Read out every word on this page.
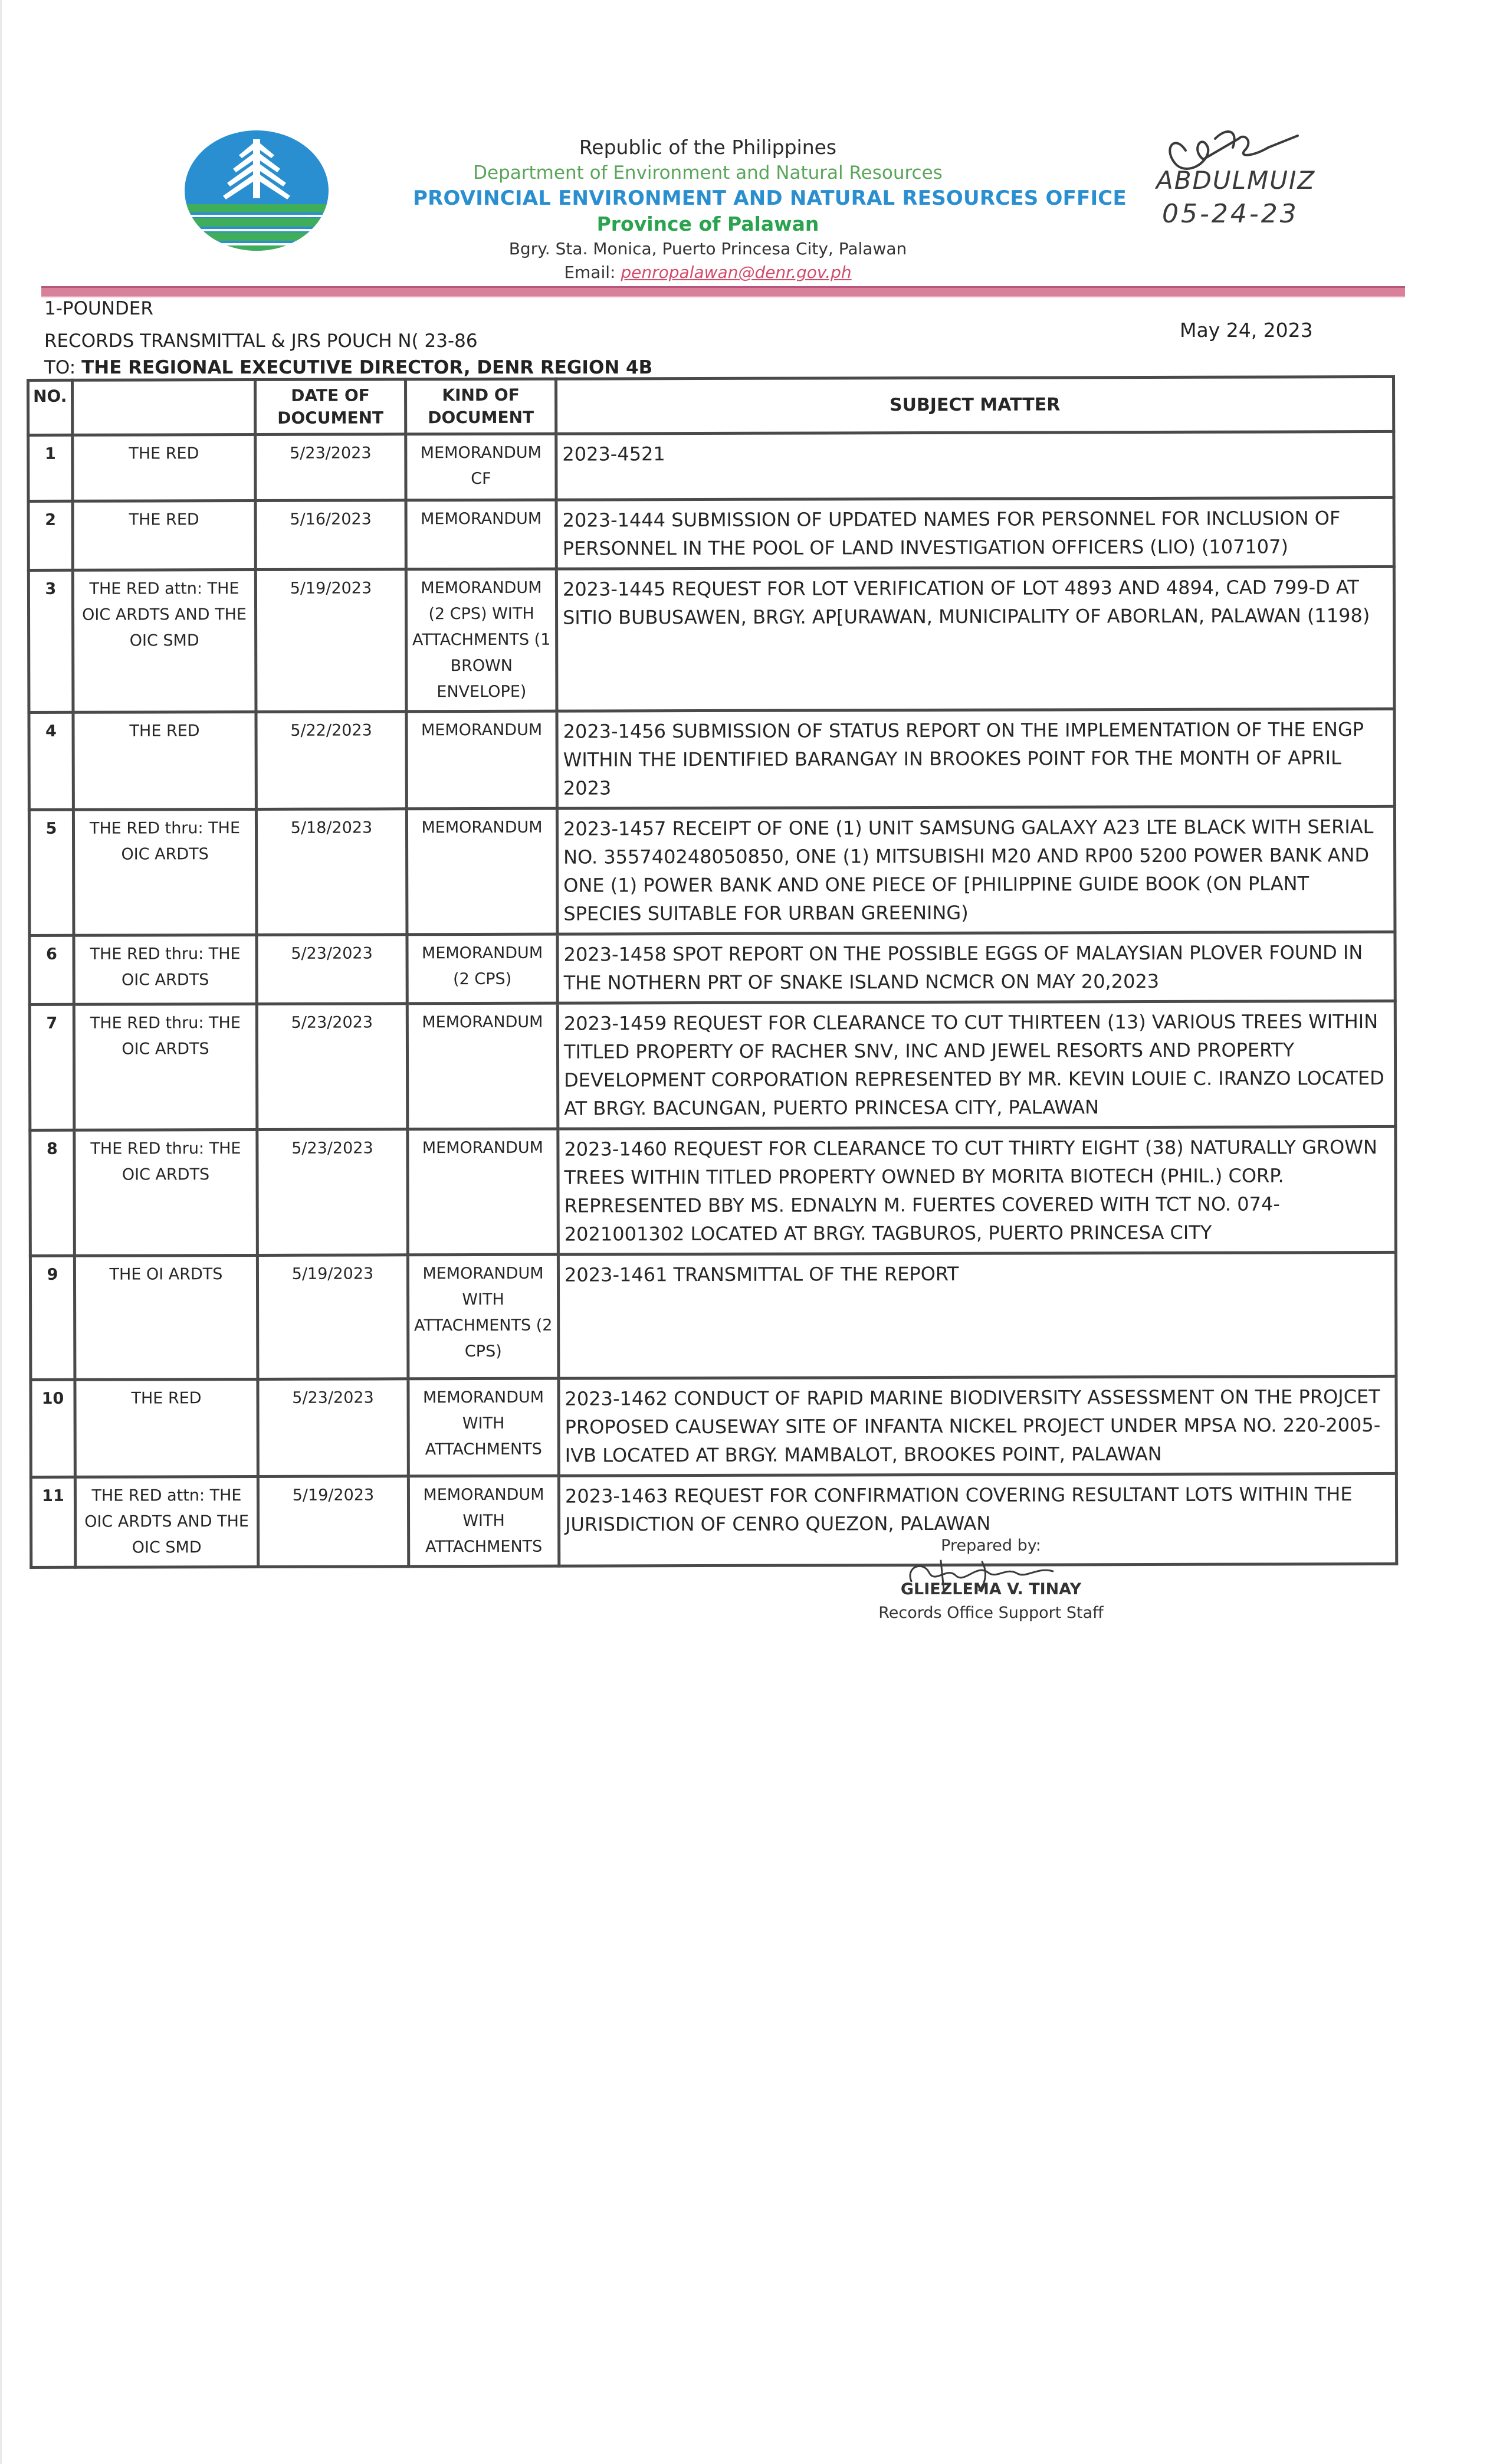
Republic of the Philippines
Department of Environment and Natural Resources
PROVINCIAL ENVIRONMENT AND NATURAL RESOURCES OFFICE
Province of Palawan
Bgry. Sta. Monica, Puerto Princesa City, Palawan
Email: penropalawan@denr.gov.ph
ABDULMUIZ
05-24-23
1-POUNDER
RECORDS TRANSMITTAL & JRS POUCH N( 23-86
TO: THE REGIONAL EXECUTIVE DIRECTOR, DENR REGION 4B
May 24, 2023
NO.		DATE OF DOCUMENT	KIND OF DOCUMENT	SUBJECT MATTER
1	THE RED	5/23/2023	MEMORANDUM CF	2023-4521
2	THE RED	5/16/2023	MEMORANDUM	2023-1444 SUBMISSION OF UPDATED NAMES FOR PERSONNEL FOR INCLUSION OF PERSONNEL IN THE POOL OF LAND INVESTIGATION OFFICERS (LIO) (107107)
3	THE RED attn: THE OIC ARDTS AND THE OIC SMD	5/19/2023	MEMORANDUM (2 CPS) WITH ATTACHMENTS (1 BROWN ENVELOPE)	2023-1445 REQUEST FOR LOT VERIFICATION OF LOT 4893 AND 4894, CAD 799-D AT SITIO BUBUSAWEN, BRGY. AP[URAWAN, MUNICIPALITY OF ABORLAN, PALAWAN (1198)
4	THE RED	5/22/2023	MEMORANDUM	2023-1456 SUBMISSION OF STATUS REPORT ON THE IMPLEMENTATION OF THE ENGP WITHIN THE IDENTIFIED BARANGAY IN BROOKES POINT FOR THE MONTH OF APRIL 2023
5	THE RED thru: THE OIC ARDTS	5/18/2023	MEMORANDUM	2023-1457 RECEIPT OF ONE (1) UNIT SAMSUNG GALAXY A23 LTE BLACK WITH SERIAL NO. 355740248050850, ONE (1) MITSUBISHI M20 AND RP00 5200 POWER BANK AND ONE (1) POWER BANK AND ONE PIECE OF [PHILIPPINE GUIDE BOOK (ON PLANT SPECIES SUITABLE FOR URBAN GREENING)
6	THE RED thru: THE OIC ARDTS	5/23/2023	MEMORANDUM (2 CPS)	2023-1458 SPOT REPORT ON THE POSSIBLE EGGS OF MALAYSIAN PLOVER FOUND IN THE NOTHERN PRT OF SNAKE ISLAND NCMCR ON MAY 20,2023
7	THE RED thru: THE OIC ARDTS	5/23/2023	MEMORANDUM	2023-1459 REQUEST FOR CLEARANCE TO CUT THIRTEEN (13) VARIOUS TREES WITHIN TITLED PROPERTY OF RACHER SNV, INC AND JEWEL RESORTS AND PROPERTY DEVELOPMENT CORPORATION REPRESENTED BY MR. KEVIN LOUIE C. IRANZO LOCATED AT BRGY. BACUNGAN, PUERTO PRINCESA CITY, PALAWAN
8	THE RED thru: THE OIC ARDTS	5/23/2023	MEMORANDUM	2023-1460 REQUEST FOR CLEARANCE TO CUT THIRTY EIGHT (38) NATURALLY GROWN TREES WITHIN TITLED PROPERTY OWNED BY MORITA BIOTECH (PHIL.) CORP. REPRESENTED BBY MS. EDNALYN M. FUERTES COVERED WITH TCT NO. 074-2021001302 LOCATED AT BRGY. TAGBUROS, PUERTO PRINCESA CITY
9	THE OI ARDTS	5/19/2023	MEMORANDUM WITH ATTACHMENTS (2 CPS)	2023-1461 TRANSMITTAL OF THE REPORT
10	THE RED	5/23/2023	MEMORANDUM WITH ATTACHMENTS	2023-1462 CONDUCT OF RAPID MARINE BIODIVERSITY ASSESSMENT ON THE PROJCET PROPOSED CAUSEWAY SITE OF INFANTA NICKEL PROJECT UNDER MPSA NO. 220-2005-IVB LOCATED AT BRGY. MAMBALOT, BROOKES POINT, PALAWAN
11	THE RED attn: THE OIC ARDTS AND THE OIC SMD	5/19/2023	MEMORANDUM WITH ATTACHMENTS	2023-1463 REQUEST FOR CONFIRMATION COVERING RESULTANT LOTS WITHIN THE JURISDICTION OF CENRO QUEZON, PALAWAN
Prepared by:
GLIEZLEMA V. TINAY
Records Office Support Staff
